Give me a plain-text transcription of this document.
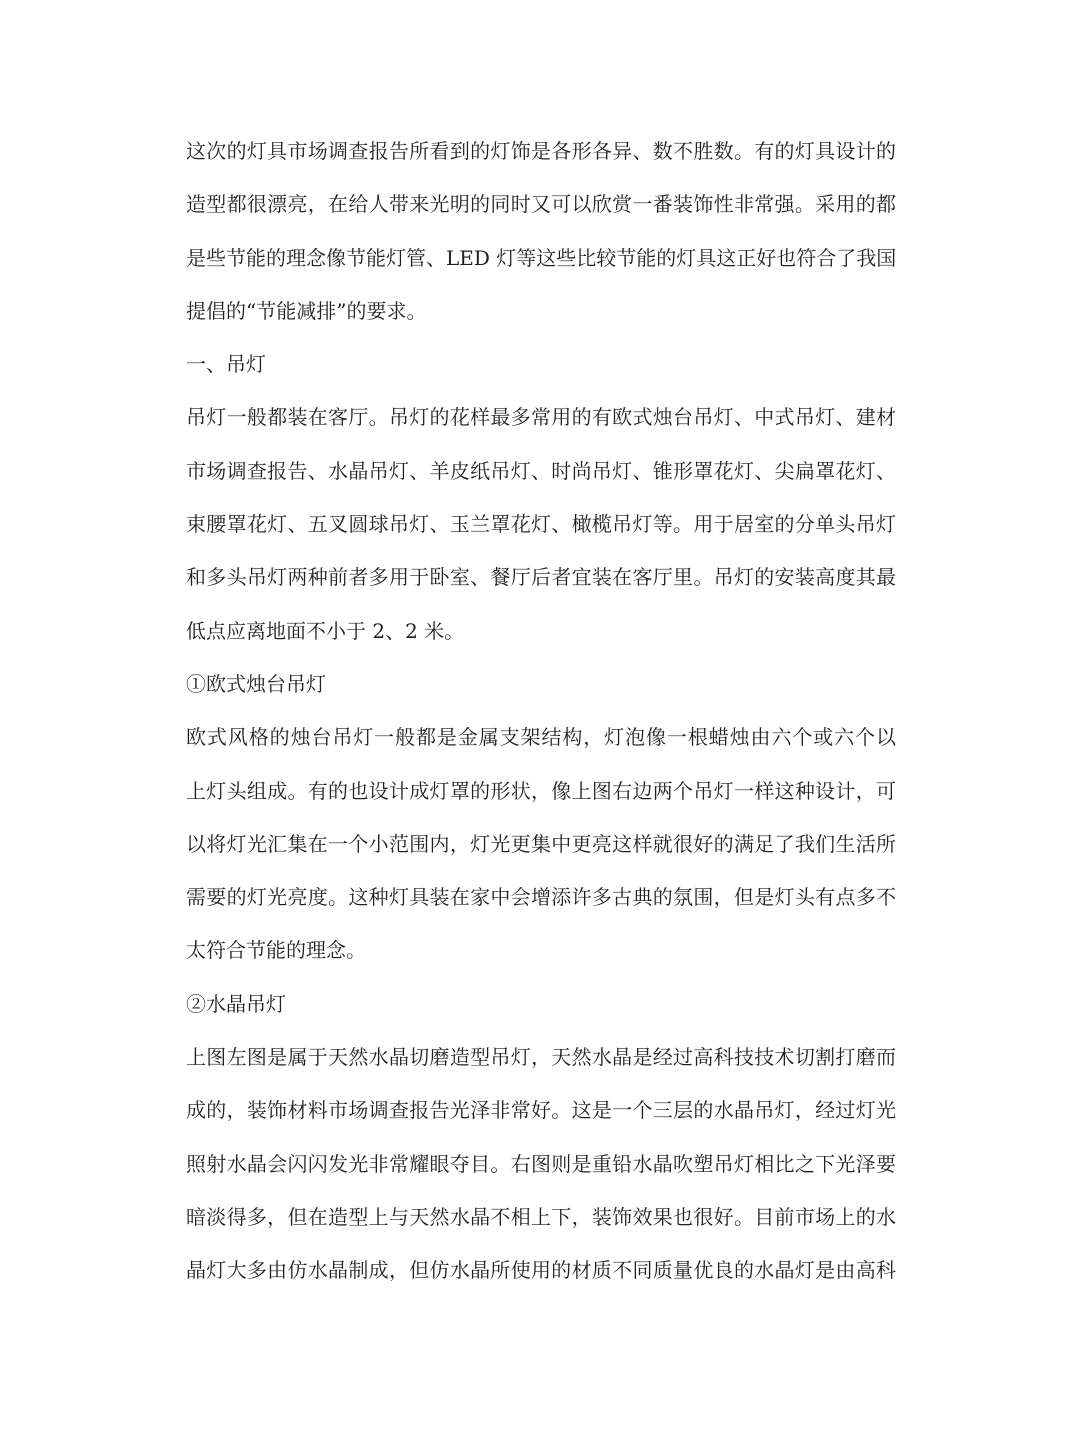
这次的灯具市场调查报告所看到的灯饰是各形各异、数不胜数。有的灯具设计的
造型都很漂亮，在给人带来光明的同时又可以欣赏一番装饰性非常强。采用的都
是些节能的理念像节能灯管、LED 灯等这些比较节能的灯具这正好也符合了我国
提倡的“节能减排”的要求。
一、吊灯
吊灯一般都装在客厅。吊灯的花样最多常用的有欧式烛台吊灯、中式吊灯、建材
市场调查报告、水晶吊灯、羊皮纸吊灯、时尚吊灯、锥形罩花灯、尖扁罩花灯、
束腰罩花灯、五叉圆球吊灯、玉兰罩花灯、橄榄吊灯等。用于居室的分单头吊灯
和多头吊灯两种前者多用于卧室、餐厅后者宜装在客厅里。吊灯的安装高度其最
低点应离地面不小于 2、2 米。
①欧式烛台吊灯
欧式风格的烛台吊灯一般都是金属支架结构，灯泡像一根蜡烛由六个或六个以
上灯头组成。有的也设计成灯罩的形状，像上图右边两个吊灯一样这种设计，可
以将灯光汇集在一个小范围内，灯光更集中更亮这样就很好的满足了我们生活所
需要的灯光亮度。这种灯具装在家中会增添许多古典的氛围，但是灯头有点多不
太符合节能的理念。
②水晶吊灯
上图左图是属于天然水晶切磨造型吊灯，天然水晶是经过高科技技术切割打磨而
成的，装饰材料市场调查报告光泽非常好。这是一个三层的水晶吊灯，经过灯光
照射水晶会闪闪发光非常耀眼夺目。右图则是重铅水晶吹塑吊灯相比之下光泽要
暗淡得多，但在造型上与天然水晶不相上下，装饰效果也很好。目前市场上的水
晶灯大多由仿水晶制成，但仿水晶所使用的材质不同质量优良的水晶灯是由高科
